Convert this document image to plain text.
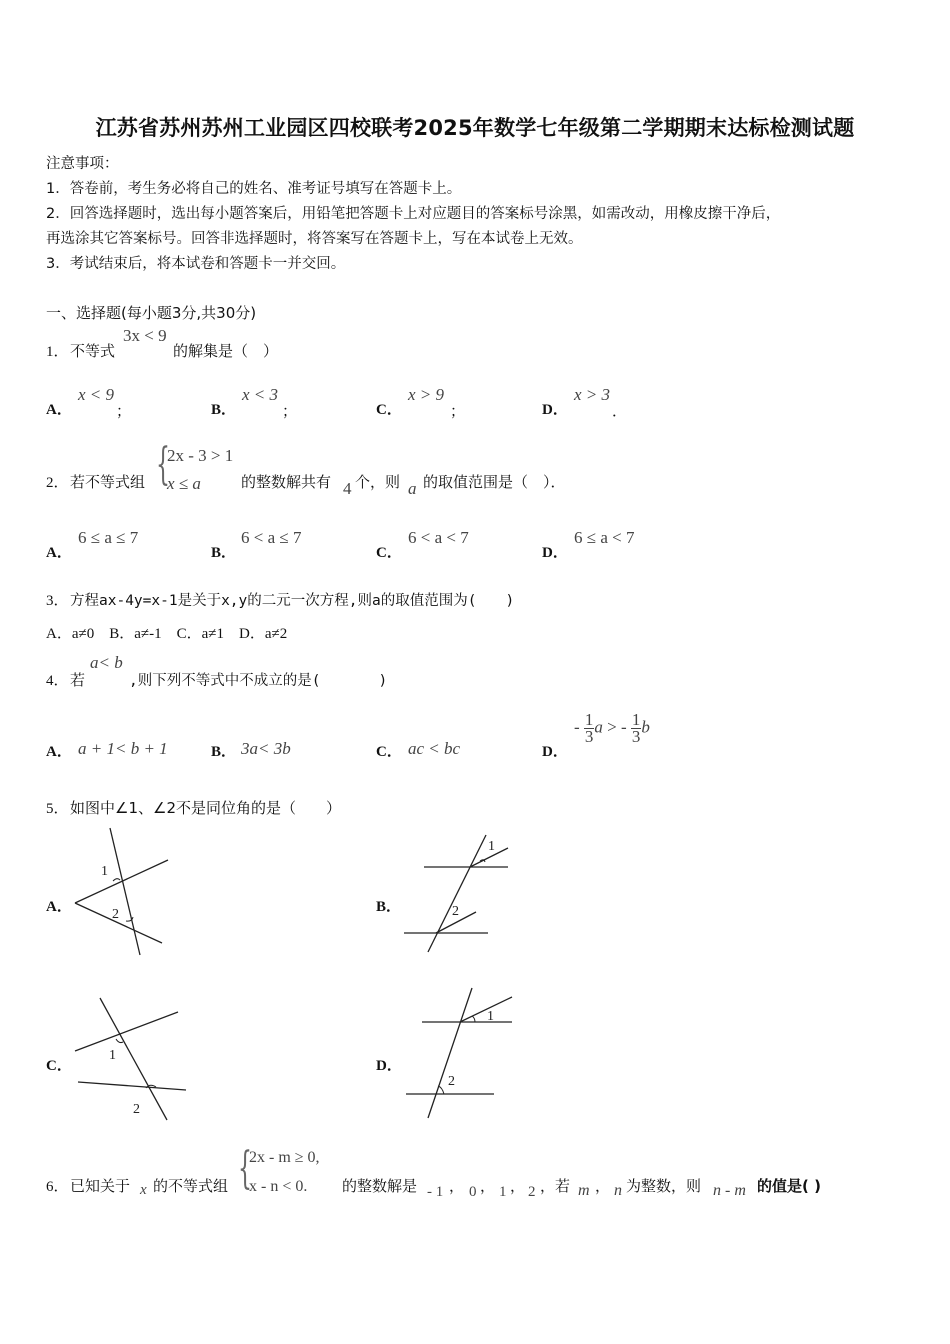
江苏省苏州苏州工业园区四校联考2025年数学七年级第二学期期末达标检测试题
注意事项：
1．答卷前，考生务必将自己的姓名、准考证号填写在答题卡上。
2．回答选择题时，选出每小题答案后，用铅笔把答题卡上对应题目的答案标号涂黑，如需改动，用橡皮擦干净后，
再选涂其它答案标号。回答非选择题时，将答案写在答题卡上，写在本试卷上无效。
3．考试结束后，将本试卷和答题卡一并交回。
一、选择题(每小题3分,共30分)
1． 不等式
3x < 9
的解集是（　）
A．
x < 9
；	B．
x < 3
；	C．
x > 9
；	D．
x > 3
．
2． 若不等式组 {
2x - 3 > 1
x ≤ a	的整数解共有 4 个，则 a 的取值范围是（　）．
A．
6 ≤ a ≤ 7
B．
6 < a ≤ 7
C．
6 < a < 7
D．
6 ≤ a < 7
3． 方程ax-4y=x-1是关于x,y的二元一次方程,则a的取值范围为(　　)
A．a≠0　B．a≠-1　C．a≠1　D．a≠2
4． 若
a< b
,则下列不等式中不成立的是(　　　　)
A． a + 1< b + 1	B． 3a< 3b	C． ac < bc	D．
- $\frac{1}{3}$ a > - $\frac{1}{3}$ b
5． 如图中∠1、∠2不是同位角的是（　　）
A．
1
2	B．
1
2
C．
1
2
D．
1
2
6． 已知关于 x 的不等式组 {
2x - m ≥ 0,
x - n < 0. 的整数解是 - 1 ， 0 ， 1 ， 2 ，若 m ， n 为整数，则 n - m 的值是( )
